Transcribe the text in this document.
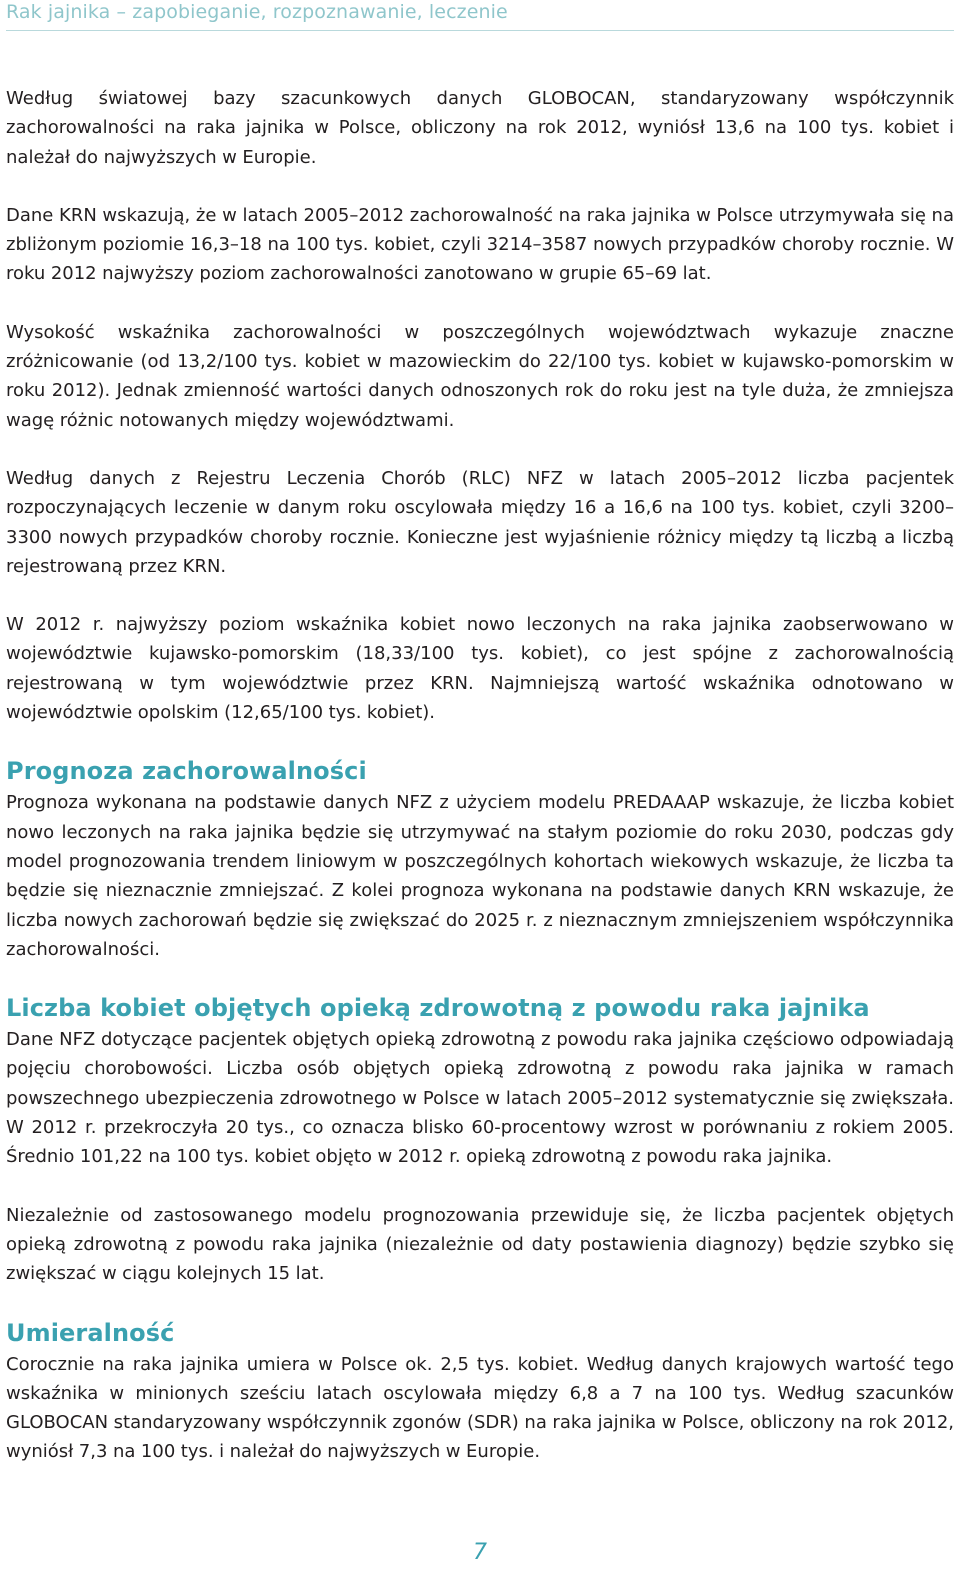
Rak jajnika – zapobieganie, rozpoznawanie, leczenie

Według światowej bazy szacunkowych danych GLOBOCAN, standaryzowany współczynnik zachorowalności na raka jajnika w Polsce, obliczony na rok 2012, wyniósł 13,6 na 100 tys. kobiet i należał do najwyższych w Europie.

Dane KRN wskazują, że w latach 2005–2012 zachorowalność na raka jajnika w Polsce utrzymywała się na zbliżonym poziomie 16,3–18 na 100 tys. kobiet, czyli 3214–3587 nowych przypadków choroby rocznie. W roku 2012 najwyższy poziom zachorowalności zanotowano w grupie 65–69 lat.

Wysokość wskaźnika zachorowalności w poszczególnych województwach wykazuje znaczne zróżnicowanie (od 13,2/100 tys. kobiet w mazowieckim do 22/100 tys. kobiet w kujawsko-pomorskim w roku 2012). Jednak zmienność wartości danych odnoszonych rok do roku jest na tyle duża, że zmniejsza wagę różnic notowanych między województwami.

Według danych z Rejestru Leczenia Chorób (RLC) NFZ w latach 2005–2012 liczba pacjentek rozpoczynających leczenie w danym roku oscylowała między 16 a 16,6 na 100 tys. kobiet, czyli 3200–3300 nowych przypadków choroby rocznie. Konieczne jest wyjaśnienie różnicy między tą liczbą a liczbą rejestrowaną przez KRN.

W 2012 r. najwyższy poziom wskaźnika kobiet nowo leczonych na raka jajnika zaobserwowano w województwie kujawsko-pomorskim (18,33/100 tys. kobiet), co jest spójne z zachorowalnością rejestrowaną w tym województwie przez KRN. Najmniejszą wartość wskaźnika odnotowano w województwie opolskim (12,65/100 tys. kobiet).

Prognoza zachorowalności

Prognoza wykonana na podstawie danych NFZ z użyciem modelu PREDAAAP wskazuje, że liczba kobiet nowo leczonych na raka jajnika będzie się utrzymywać na stałym poziomie do roku 2030, podczas gdy model prognozowania trendem liniowym w poszczególnych kohortach wiekowych wskazuje, że liczba ta będzie się nieznacznie zmniejszać. Z kolei prognoza wykonana na podstawie danych KRN wskazuje, że liczba nowych zachorowań będzie się zwiększać do 2025 r. z nieznacznym zmniejszeniem współczynnika zachorowalności.

Liczba kobiet objętych opieką zdrowotną z powodu raka jajnika

Dane NFZ dotyczące pacjentek objętych opieką zdrowotną z powodu raka jajnika częściowo odpowiadają pojęciu chorobowości. Liczba osób objętych opieką zdrowotną z powodu raka jajnika w ramach powszechnego ubezpieczenia zdrowotnego w Polsce w latach 2005–2012 systematycznie się zwiększała. W 2012 r. przekroczyła 20 tys., co oznacza blisko 60-procentowy wzrost w porównaniu z rokiem 2005. Średnio 101,22 na 100 tys. kobiet objęto w 2012 r. opieką zdrowotną z powodu raka jajnika.

Niezależnie od zastosowanego modelu prognozowania przewiduje się, że liczba pacjentek objętych opieką zdrowotną z powodu raka jajnika (niezależnie od daty postawienia diagnozy) będzie szybko się zwiększać w ciągu kolejnych 15 lat.

Umieralność

Corocznie na raka jajnika umiera w Polsce ok. 2,5 tys. kobiet. Według danych krajowych wartość tego wskaźnika w minionych sześciu latach oscylowała między 6,8 a 7 na 100 tys. Według szacunków GLOBOCAN standaryzowany współczynnik zgonów (SDR) na raka jajnika w Polsce, obliczony na rok 2012, wyniósł 7,3 na 100 tys. i należał do najwyższych w Europie.

7
